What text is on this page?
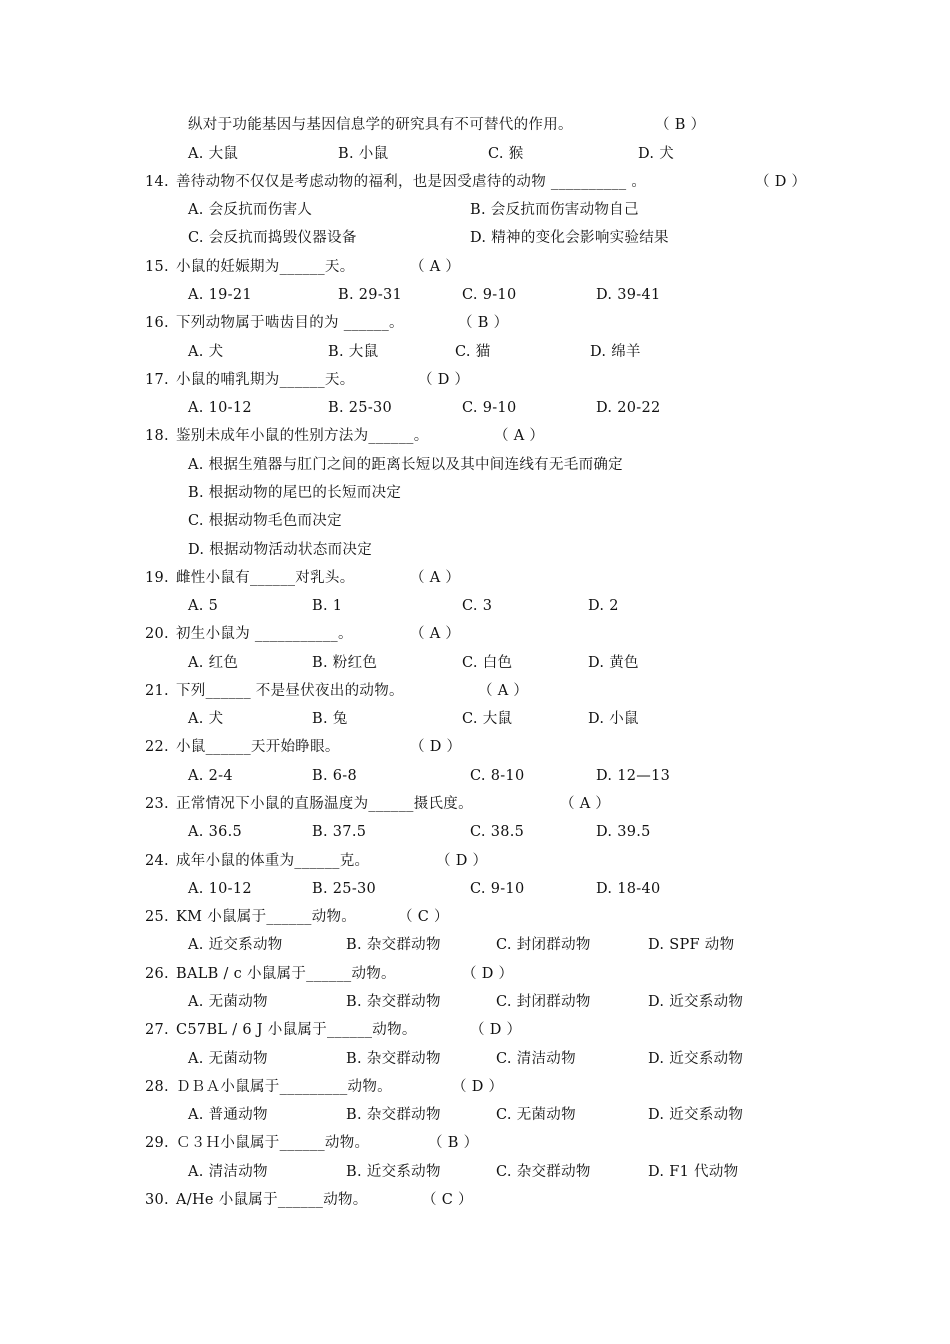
纵对于功能基因与基因信息学的研究具有不可替代的作用。	（ B ）
A. 大鼠	B. 小鼠	C. 猴	D. 犬
14. 善待动物不仅仅是考虑动物的福利，也是因受虐待的动物 __________ 。	（ D ）
A. 会反抗而伤害人	B. 会反抗而伤害动物自己
C. 会反抗而捣毁仪器设备	D. 精神的变化会影响实验结果
15. 小鼠的妊娠期为______天。	（ A ）
A. 19-21	B. 29-31	C. 9-10	D. 39-41
16. 下列动物属于啮齿目的为 ______。	（ B ）
A. 犬	B. 大鼠	C. 猫	D. 绵羊
17. 小鼠的哺乳期为______天。	（ D ）
A. 10-12	B. 25-30	C. 9-10	D. 20-22
18. 鉴别未成年小鼠的性别方法为______。	（ A ）
A. 根据生殖器与肛门之间的距离长短以及其中间连线有无毛而确定
B. 根据动物的尾巴的长短而决定
C. 根据动物毛色而决定
D. 根据动物活动状态而决定
19. 雌性小鼠有______对乳头。	（ A ）
A. 5	B. 1	C. 3	D. 2
20. 初生小鼠为 ___________。	（ A ）
A. 红色	B. 粉红色	C. 白色	D. 黄色
21. 下列______ 不是昼伏夜出的动物。	（ A ）
A. 犬	B. 兔	C. 大鼠	D. 小鼠
22. 小鼠______天开始睁眼。	（ D ）
A. 2-4	B. 6-8	C. 8-10	D. 12—13
23. 正常情况下小鼠的直肠温度为______摄氏度。	（ A ）
A. 36.5	B. 37.5	C. 38.5	D. 39.5
24. 成年小鼠的体重为______克。	（ D ）
A. 10-12	B. 25-30	C. 9-10	D. 18-40
25. KM 小鼠属于______动物。	（ C ）
A. 近交系动物	B. 杂交群动物	C. 封闭群动物	D. SPF 动物
26. BALB / c 小鼠属于______动物。	（ D ）
A. 无菌动物	B. 杂交群动物	C. 封闭群动物	D. 近交系动物
27. C57BL / 6 J 小鼠属于______动物。	（ D ）
A. 无菌动物	B. 杂交群动物	C. 清洁动物	D. 近交系动物
28. ＤＢＡ小鼠属于_________动物。	（ D ）
A. 普通动物	B. 杂交群动物	C. 无菌动物	D. 近交系动物
29. Ｃ３Ｈ小鼠属于______动物。	（ B ）
A. 清洁动物	B. 近交系动物	C. 杂交群动物	D. F1 代动物
30. A/He 小鼠属于______动物。	（ C ）
